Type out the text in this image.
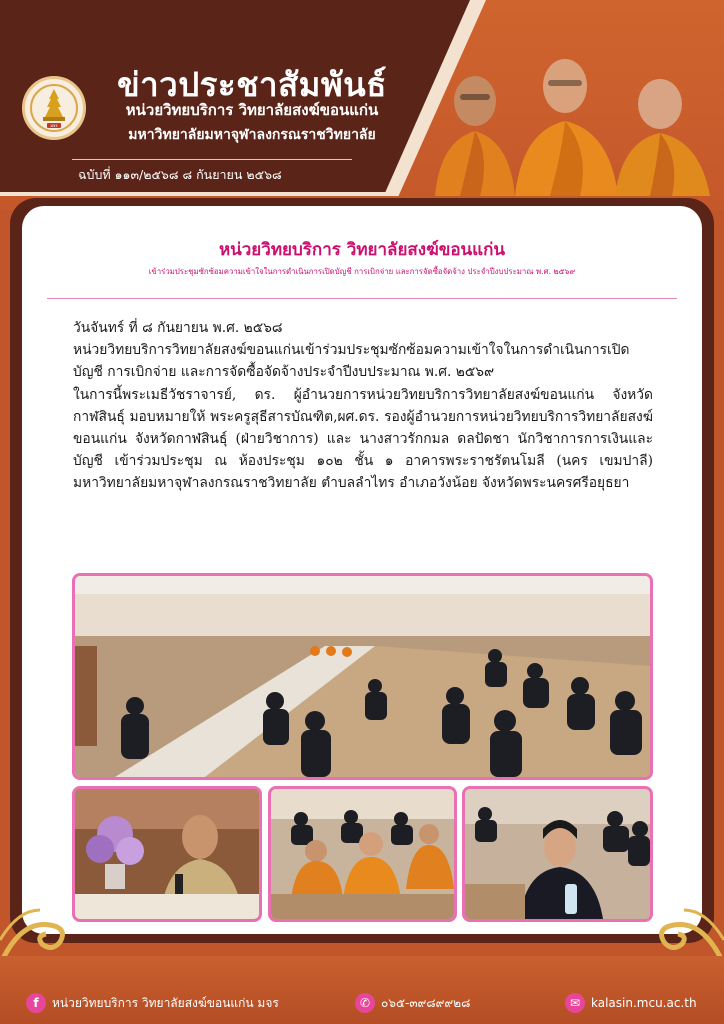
มจร
ข่าวประชาสัมพันธ์
หน่วยวิทยบริการ วิทยาลัยสงฆ์ขอนแก่น
มหาวิทยาลัยมหาจุฬาลงกรณราชวิทยาลัย
ฉบับที่ ๑๑๓/๒๕๖๘ ๘ กันยายน ๒๕๖๘
หน่วยวิทยบริการ วิทยาลัยสงฆ์ขอนแก่น
เข้าร่วมประชุมซักซ้อมความเข้าใจในการดำเนินการเปิดบัญชี การเบิกจ่าย และการจัดซื้อจัดจ้าง ประจำปีงบประมาณ พ.ศ. ๒๕๖๙

วันจันทร์ ที่ ๘ กันยายน พ.ศ. ๒๕๖๘

หน่วยวิทยบริการวิทยาลัยสงฆ์ขอนแก่นเข้าร่วมประชุมซักซ้อมความเข้าใจในการดำเนินการเปิดบัญชี การเบิกจ่าย และการจัดซื้อจัดจ้างประจำปีงบประมาณ พ.ศ. ๒๕๖๙

ในการนี้พระเมธีวัชราจารย์, ดร. ผู้อำนวยการหน่วยวิทยบริการวิทยาลัยสงฆ์ขอนแก่น จังหวัดกาฬสินธุ์ มอบหมายให้ พระครูสุธีสารบัณฑิต,ผศ.ดร. รองผู้อำนวยการหน่วยวิทยบริการวิทยาลัยสงฆ์ขอนแก่น จังหวัดกาฬสินธุ์ (ฝ่ายวิชาการ) และ นางสาวรักกมล ดลปัดชา นักวิชาการการเงินและบัญชี เข้าร่วมประชุม ณ ห้องประชุม ๑๐๒ ชั้น ๑ อาคารพระราชรัตนโมลี (นคร เขมปาลี) มหาวิทยาลัยมหาจุฬาลงกรณราชวิทยาลัย ตำบลลำไทร อำเภอวังน้อย จังหวัดพระนครศรีอยุธยา

f	หน่วยวิทยบริการ วิทยาลัยสงฆ์ขอนแก่น มจร	✆ ๐๖๕-๓๙๘๙๙๒๘	✉ kalasin.mcu.ac.th
